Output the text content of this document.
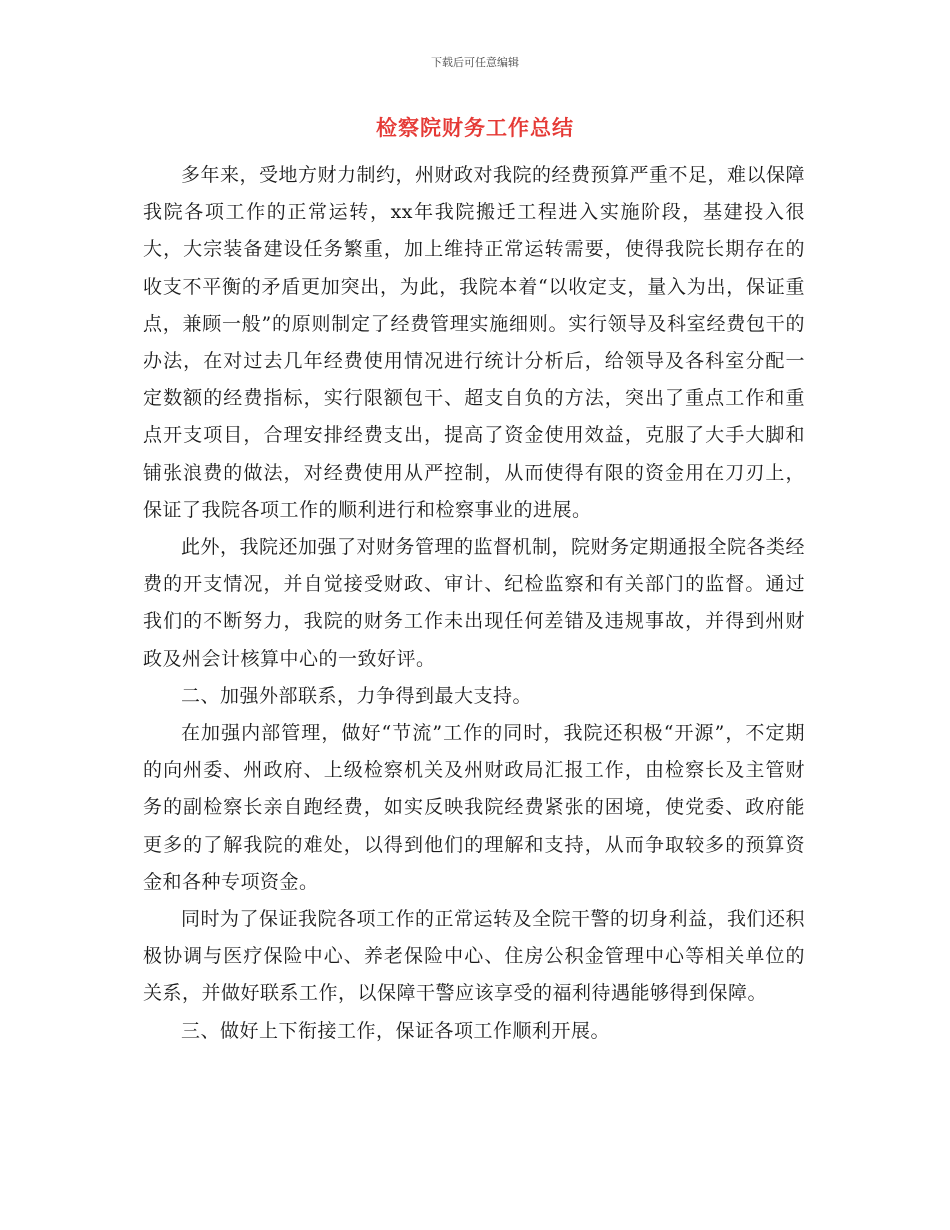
下载后可任意编辑
检察院财务工作总结

多年来，受地方财力制约，州财政对我院的经费预算严重不足，难以保障我院各项工作的正常运转，xx年我院搬迁工程进入实施阶段，基建投入很大，大宗装备建设任务繁重，加上维持正常运转需要，使得我院长期存在的收支不平衡的矛盾更加突出，为此，我院本着“以收定支，量入为出，保证重点，兼顾一般”的原则制定了经费管理实施细则。实行领导及科室经费包干的办法，在对过去几年经费使用情况进行统计分析后，给领导及各科室分配一定数额的经费指标，实行限额包干、超支自负的方法，突出了重点工作和重点开支项目，合理安排经费支出，提高了资金使用效益，克服了大手大脚和铺张浪费的做法，对经费使用从严控制，从而使得有限的资金用在刀刃上，保证了我院各项工作的顺利进行和检察事业的进展。

此外，我院还加强了对财务管理的监督机制，院财务定期通报全院各类经费的开支情况，并自觉接受财政、审计、纪检监察和有关部门的监督。通过我们的不断努力，我院的财务工作未出现任何差错及违规事故，并得到州财政及州会计核算中心的一致好评。

二、加强外部联系，力争得到最大支持。

在加强内部管理，做好“节流”工作的同时，我院还积极“开源”，不定期的向州委、州政府、上级检察机关及州财政局汇报工作，由检察长及主管财务的副检察长亲自跑经费，如实反映我院经费紧张的困境，使党委、政府能更多的了解我院的难处，以得到他们的理解和支持，从而争取较多的预算资金和各种专项资金。

同时为了保证我院各项工作的正常运转及全院干警的切身利益，我们还积极协调与医疗保险中心、养老保险中心、住房公积金管理中心等相关单位的关系，并做好联系工作，以保障干警应该享受的福利待遇能够得到保障。

三、做好上下衔接工作，保证各项工作顺利开展。
